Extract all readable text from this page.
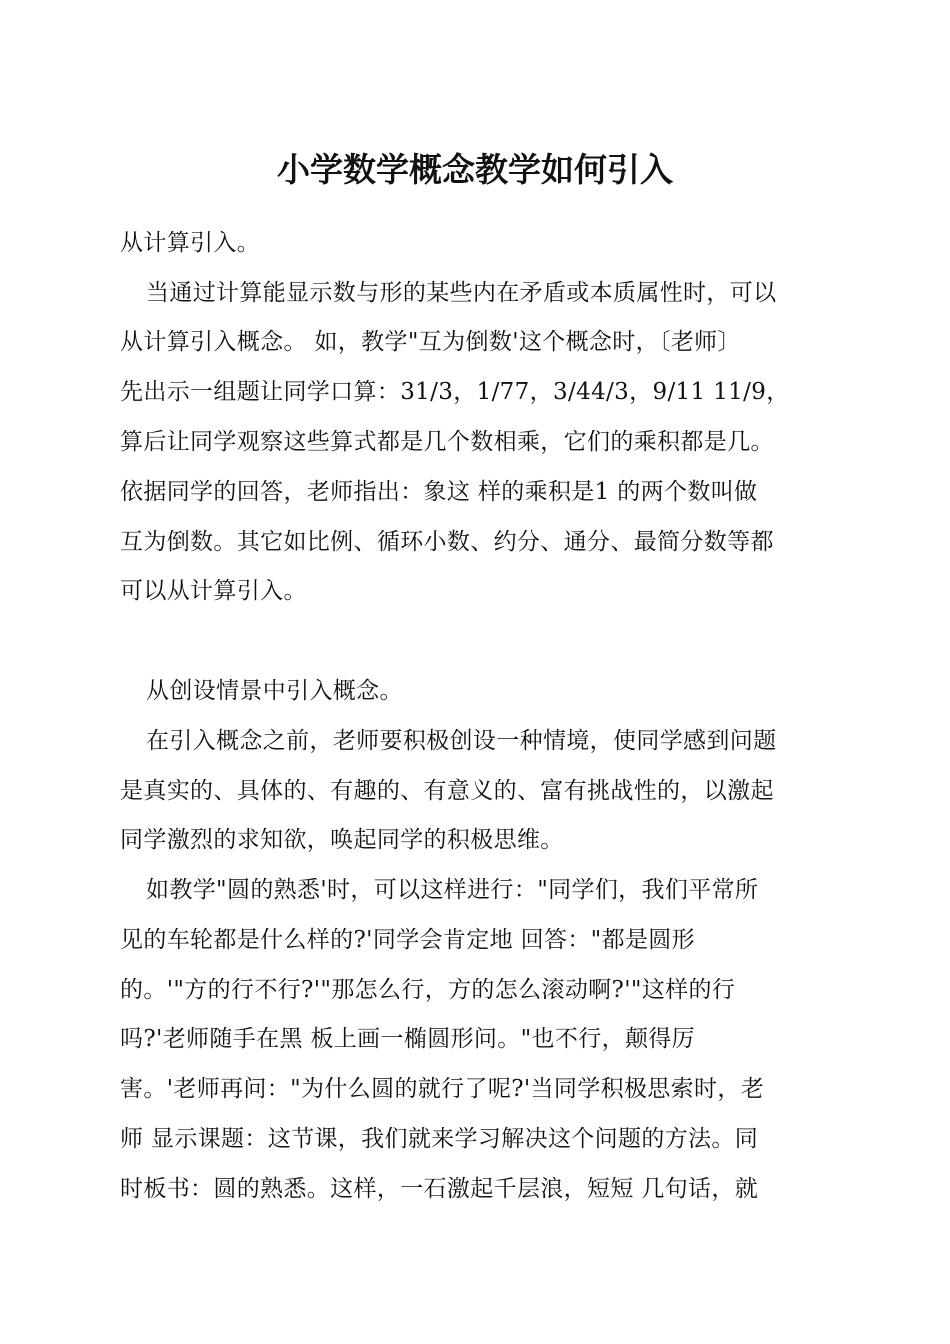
小学数学概念教学如何引入
从计算引入。
当通过计算能显示数与形的某些内在矛盾或本质属性时，可以
从计算引入概念。 如，教学"互为倒数'这个概念时，〔老师〕
先出示一组题让同学口算：31/3，1/77，3/44/3，9/11 11/9，
算后让同学观察这些算式都是几个数相乘，它们的乘积都是几。
依据同学的回答，老师指出：象这 样的乘积是1 的两个数叫做
互为倒数。其它如比例、循环小数、约分、通分、最简分数等都
可以从计算引入。
从创设情景中引入概念。
在引入概念之前，老师要积极创设一种情境，使同学感到问题
是真实的、具体的、有趣的、有意义的、富有挑战性的，以激起
同学激烈的求知欲，唤起同学的积极思维。
如教学"圆的熟悉'时，可以这样进行："同学们，我们平常所
见的车轮都是什么样的?'同学会肯定地 回答："都是圆形
的。'"方的行不行?'"那怎么行，方的怎么滚动啊?'"这样的行
吗?'老师随手在黑 板上画一椭圆形问。"也不行，颠得厉
害。'老师再问："为什么圆的就行了呢?'当同学积极思索时，老
师 显示课题：这节课，我们就来学习解决这个问题的方法。同
时板书：圆的熟悉。这样，一石激起千层浪，短短 几句话，就
